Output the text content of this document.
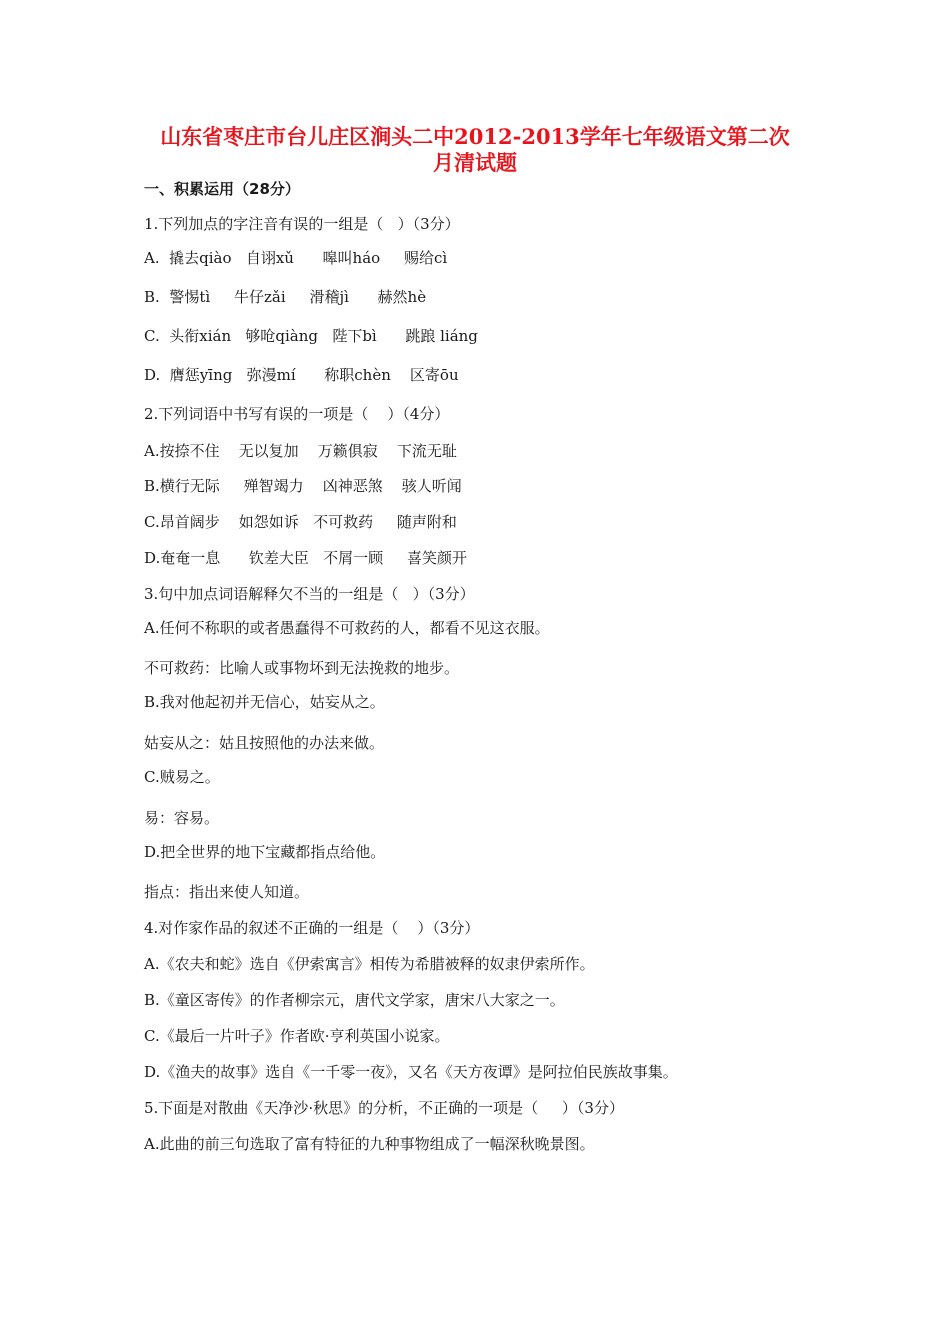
山东省枣庄市台儿庄区涧头二中2012-2013学年七年级语文第二次
月清试题
一、积累运用（28分）
1.下列加点的字注音有误的一组是（   ）（3分）
A.  撬去qiào   自诩xǔ      嗥叫háo     赐给cì
B.  警惕tì     牛仔zǎi     滑稽jì      赫然hè
C.  头衔xián   够呛qiàng   陛下bì      跳踉 liáng
D.  膺惩yīng   弥漫mí      称职chèn    区寄ōu
2.下列词语中书写有误的一项是（    ）（4分）
A.按捺不住    无以复加    万籁俱寂    下流无耻
B.横行无际     殚智竭力    凶神恶煞    骇人听闻
C.昂首阔步    如怨如诉   不可救药     随声附和
D.奄奄一息      钦差大臣   不屑一顾     喜笑颜开
3.句中加点词语解释欠不当的一组是（   ）（3分）
A.任何不称职的或者愚蠢得不可救药的人，都看不见这衣服。
不可救药：比喻人或事物坏到无法挽救的地步。
B.我对他起初并无信心，姑妄从之。
姑妄从之：姑且按照他的办法来做。
C.贼易之。
易：容易。
D.把全世界的地下宝藏都指点给他。
指点：指出来使人知道。
4.对作家作品的叙述不正确的一组是（    ）（3分）
A.《农夫和蛇》选自《伊索寓言》相传为希腊被释的奴隶伊索所作。
B.《童区寄传》的作者柳宗元，唐代文学家，唐宋八大家之一。
C.《最后一片叶子》作者欧·亨利英国小说家。
D.《渔夫的故事》选自《一千零一夜》，又名《天方夜谭》是阿拉伯民族故事集。
5.下面是对散曲《天净沙·秋思》的分析，不正确的一项是（     ）（3分）
A.此曲的前三句选取了富有特征的九种事物组成了一幅深秋晚景图。
